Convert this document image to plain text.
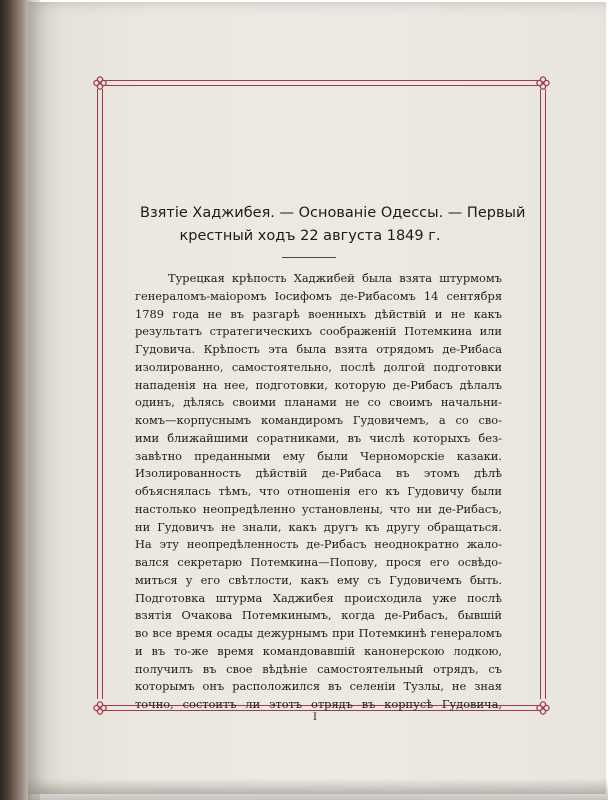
Взятіе Хаджибея. — Основаніе Одессы. — Первый
крестный ходъ 22 августа 1849 г.
Турецкая крѣпость Хаджибей была взята штурмомъ
генераломъ-маіоромъ Іосифомъ де-Рибасомъ 14 сентября
1789 года не въ разгарѣ военныхъ дѣйствій и не какъ
результатъ стратегическихъ соображеній Потемкина или
Гудовича. Крѣпость эта была взята отрядомъ де-Рибаса
изолированно, самостоятельно, послѣ долгой подготовки
нападенія на нее, подготовки, которую де-Рибасъ дѣлалъ
одинъ, дѣлясь своими планами не со своимъ начальни-
комъ—корпуснымъ командиромъ Гудовичемъ, а со сво-
ими ближайшими соратниками, въ числѣ которыхъ без-
завѣтно преданными ему были Черноморскіе казаки.
Изолированность дѣйствій де-Рибаса въ этомъ дѣлѣ
объяснялась тѣмъ, что отношенія его къ Гудовичу были
настолько неопредѣленно установлены, что ни де-Рибасъ,
ни Гудовичъ не знали, какъ другъ къ другу обращаться.
На эту неопредѣленность де-Рибасъ неоднократно жало-
вался секретарю Потемкина—Попову, прося его освѣдо-
миться у его свѣтлости, какъ ему съ Гудовичемъ быть.
Подготовка штурма Хаджибея происходила уже послѣ
взятія Очакова Потемкинымъ, когда де-Рибасъ, бывшій
во все время осады дежурнымъ при Потемкинѣ генераломъ
и въ то-же время командовавшій канонерскою лодкою,
получилъ въ свое вѣдѣніе самостоятельный отрядъ, съ
которымъ онъ расположился въ селеніи Тузлы, не зная
точно, состоитъ ли этотъ отрядъ въ корпусѣ Гудовича,
I
